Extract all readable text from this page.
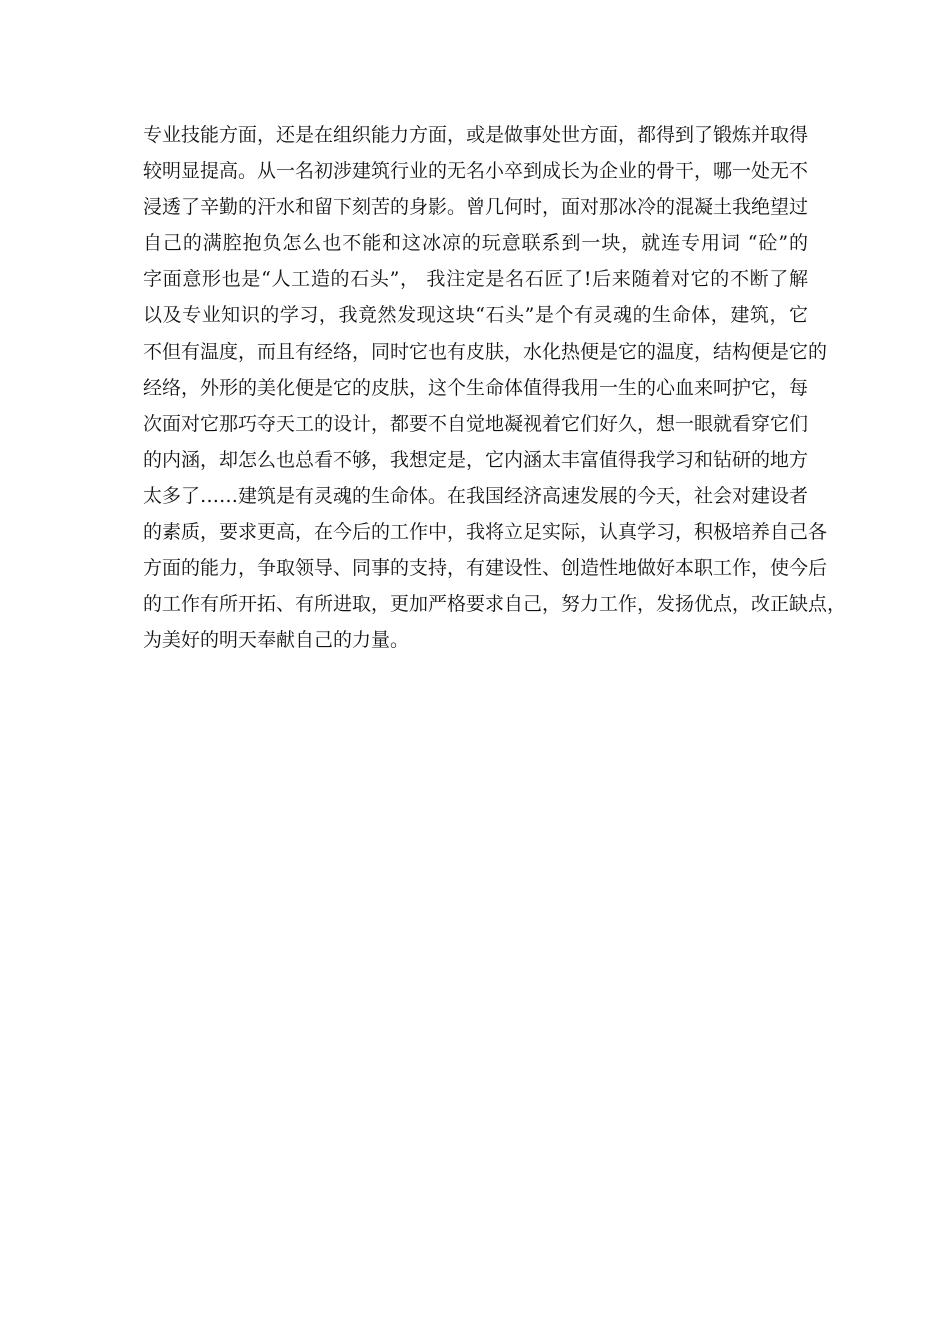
专业技能方面，还是在组织能力方面，或是做事处世方面，都得到了锻炼并取得
较明显提高。从一名初涉建筑行业的无名小卒到成长为企业的骨干，哪一处无不
浸透了辛勤的汗水和留下刻苦的身影。曾几何时，面对那冰冷的混凝土我绝望过
自己的满腔抱负怎么也不能和这冰凉的玩意联系到一块，就连专用词 “砼”的
字面意形也是“人工造的石头”， 我注定是名石匠了!后来随着对它的不断了解
以及专业知识的学习，我竟然发现这块“石头”是个有灵魂的生命体，建筑，它
不但有温度，而且有经络，同时它也有皮肤，水化热便是它的温度，结构便是它的
经络，外形的美化便是它的皮肤，这个生命体值得我用一生的心血来呵护它，每
次面对它那巧夺天工的设计，都要不自觉地凝视着它们好久，想一眼就看穿它们
的内涵，却怎么也总看不够，我想定是，它内涵太丰富值得我学习和钻研的地方
太多了……建筑是有灵魂的生命体。在我国经济高速发展的今天，社会对建设者
的素质，要求更高，在今后的工作中，我将立足实际，认真学习，积极培养自己各
方面的能力，争取领导、同事的支持，有建设性、创造性地做好本职工作，使今后
的工作有所开拓、有所进取，更加严格要求自己，努力工作，发扬优点，改正缺点，
为美好的明天奉献自己的力量。
